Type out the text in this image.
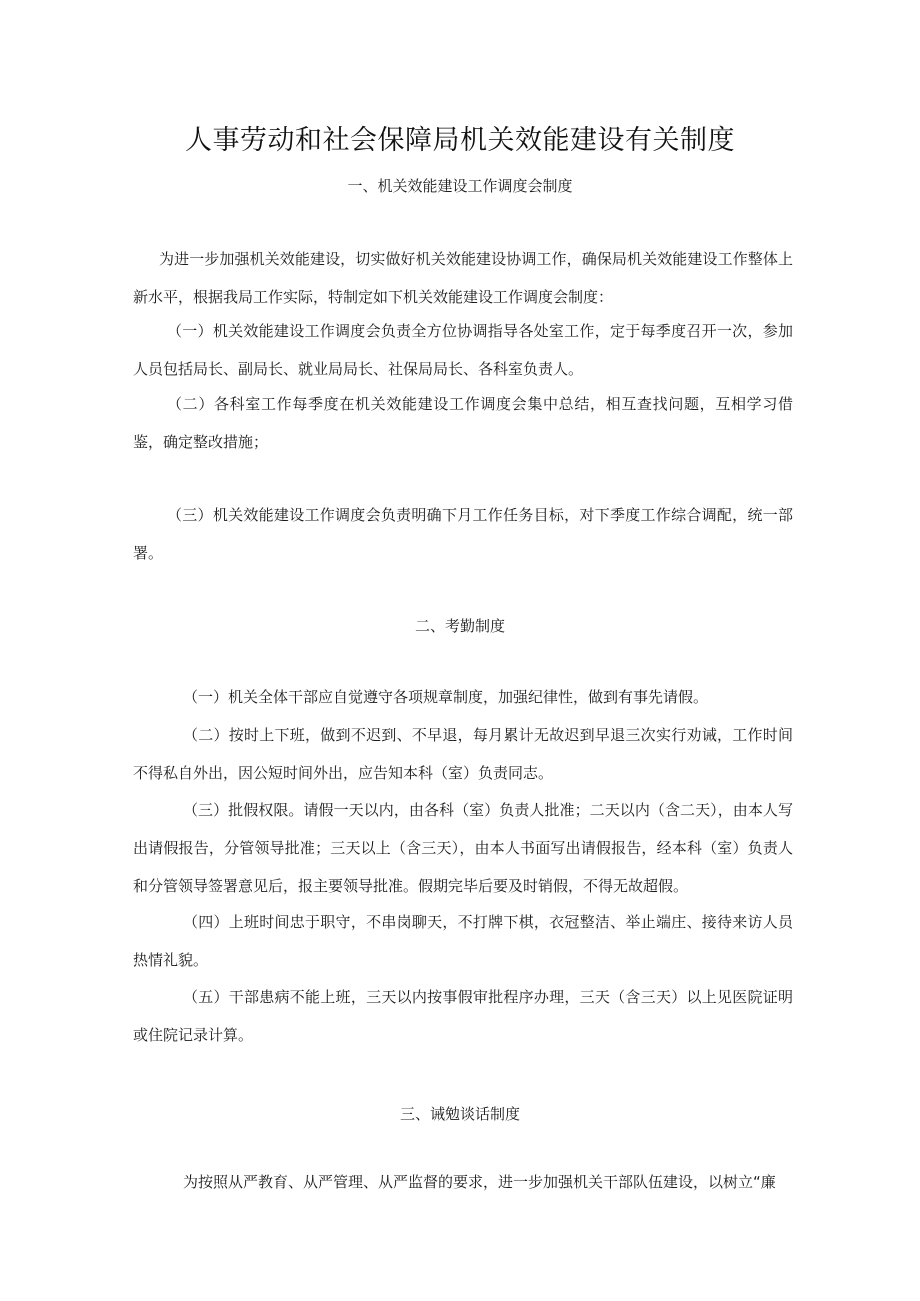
人事劳动和社会保障局机关效能建设有关制度
一、机关效能建设工作调度会制度

为进一步加强机关效能建设，切实做好机关效能建设协调工作，确保局机关效能建设工作整体上新水平，根据我局工作实际，特制定如下机关效能建设工作调度会制度：

（一）机关效能建设工作调度会负责全方位协调指导各处室工作，定于每季度召开一次，参加人员包括局长、副局长、就业局局长、社保局局长、各科室负责人。

（二）各科室工作每季度在机关效能建设工作调度会集中总结，相互查找问题，互相学习借鉴，确定整改措施；

（三）机关效能建设工作调度会负责明确下月工作任务目标，对下季度工作综合调配，统一部署。

二、考勤制度

（一）机关全体干部应自觉遵守各项规章制度，加强纪律性，做到有事先请假。

（二）按时上下班，做到不迟到、不早退，每月累计无故迟到早退三次实行劝诫，工作时间不得私自外出，因公短时间外出，应告知本科（室）负责同志。

（三）批假权限。请假一天以内，由各科（室）负责人批准；二天以内（含二天），由本人写出请假报告，分管领导批准；三天以上（含三天），由本人书面写出请假报告，经本科（室）负责人和分管领导签署意见后，报主要领导批准。假期完毕后要及时销假，不得无故超假。

（四）上班时间忠于职守，不串岗聊天，不打牌下棋，衣冠整洁、举止端庄、接待来访人员热情礼貌。

（五）干部患病不能上班，三天以内按事假审批程序办理，三天（含三天）以上见医院证明或住院记录计算。

三、诫勉谈话制度

为按照从严教育、从严管理、从严监督的要求，进一步加强机关干部队伍建设，以树立“廉
